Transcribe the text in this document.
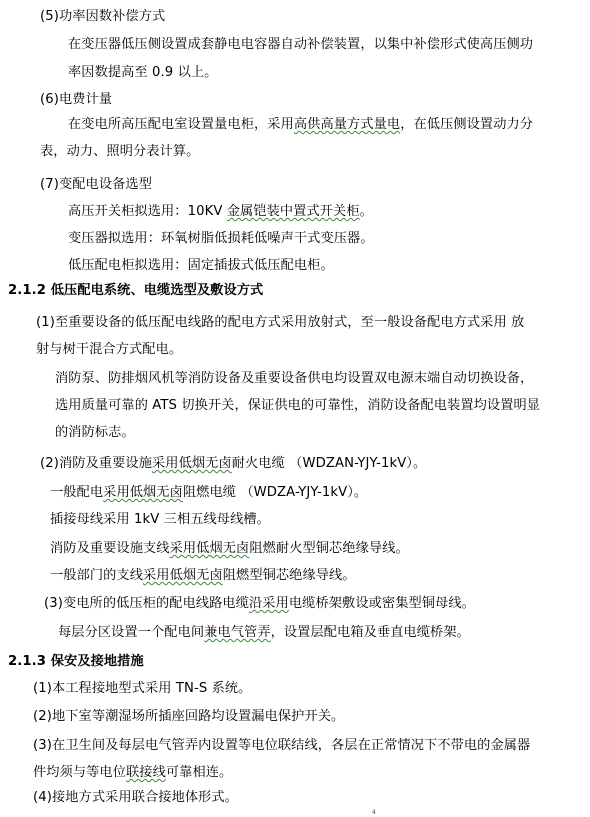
(5)功率因数补偿方式
在变压器低压侧设置成套静电电容器自动补偿装置，以集中补偿形式使高压侧功
率因数提高至 0.9 以上。
(6)电费计量
在变电所高压配电室设置量电柜，采用高供高量方式量电，在低压侧设置动力分
表，动力、照明分表计算。
(7)变配电设备选型
高压开关柜拟选用：10KV 金属铠装中置式开关柜。
变压器拟选用：环氧树脂低损耗低噪声干式变压器。
低压配电柜拟选用：固定插拔式低压配电柜。
2.1.2 低压配电系统、电缆选型及敷设方式
(1)至重要设备的低压配电线路的配电方式采用放射式，至一般设备配电方式采用 放
射与树干混合方式配电。
消防泵、防排烟风机等消防设备及重要设备供电均设置双电源末端自动切换设备，
选用质量可靠的 ATS 切换开关，保证供电的可靠性，消防设备配电装置均设置明显
的消防标志。
(2)消防及重要设施采用低烟无卤耐火电缆 （WDZAN-YJY-1kV）。
一般配电采用低烟无卤阻燃电缆 （WDZA-YJY-1kV）。
插接母线采用 1kV 三相五线母线槽。
消防及重要设施支线采用低烟无卤阻燃耐火型铜芯绝缘导线。
一般部门的支线采用低烟无卤阻燃型铜芯绝缘导线。
(3)变电所的低压柜的配电线路电缆沿采用电缆桥架敷设或密集型铜母线。
每层分区设置一个配电间兼电气管弄，设置层配电箱及垂直电缆桥架。
2.1.3 保安及接地措施
(1)本工程接地型式采用 TN-S 系统。
(2)地下室等潮湿场所插座回路均设置漏电保护开关。
(3)在卫生间及每层电气管弄内设置等电位联结线，各层在正常情况下不带电的金属器
件均须与等电位联接线可靠相连。
(4)接地方式采用联合接地体形式。
4
